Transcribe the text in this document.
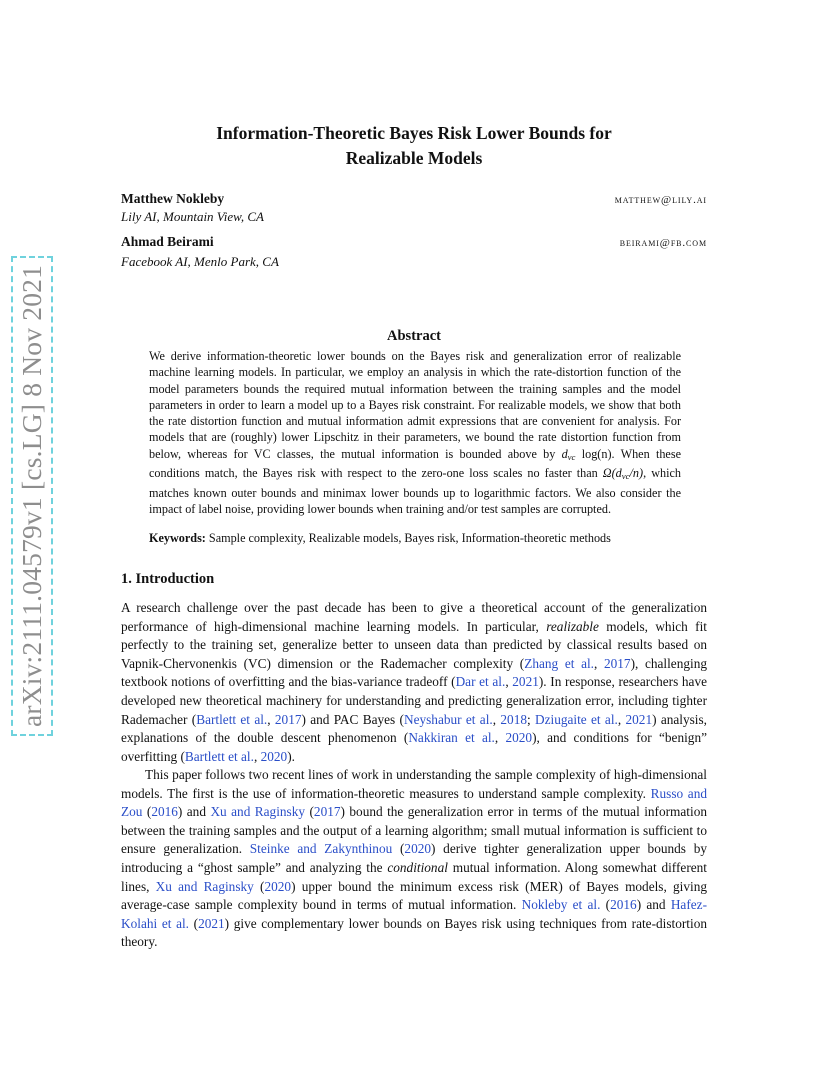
arXiv:2111.04579v1 [cs.LG] 8 Nov 2021
Information-Theoretic Bayes Risk Lower Bounds for
Realizable Models
Matthew Nokleby
Lily AI, Mountain View, CA
matthew@lily.ai
Ahmad Beirami
Facebook AI, Menlo Park, CA
beirami@fb.com
Abstract
We derive information-theoretic lower bounds on the Bayes risk and generalization error of realizable machine learning models. In particular, we employ an analysis in which the rate-distortion function of the model parameters bounds the required mutual information between the training samples and the model parameters in order to learn a model up to a Bayes risk constraint. For realizable models, we show that both the rate distortion function and mutual information admit expressions that are convenient for analysis. For models that are (roughly) lower Lipschitz in their parameters, we bound the rate distortion function from below, whereas for VC classes, the mutual information is bounded above by $d_{vc}$ log(n). When these conditions match, the Bayes risk with respect to the zero-one loss scales no faster than $\Omega(d_{vc}/n)$, which matches known outer bounds and minimax lower bounds up to logarithmic factors. We also consider the impact of label noise, providing lower bounds when training and/or test samples are corrupted.
Keywords: Sample complexity, Realizable models, Bayes risk, Information-theoretic methods
1. Introduction

A research challenge over the past decade has been to give a theoretical account of the generalization performance of high-dimensional machine learning models. In particular, realizable models, which fit perfectly to the training set, generalize better to unseen data than predicted by classical results based on Vapnik-Chervonenkis (VC) dimension or the Rademacher complexity (Zhang et al., 2017), challenging textbook notions of overfitting and the bias-variance tradeoff (Dar et al., 2021). In response, researchers have developed new theoretical machinery for understanding and predicting generalization error, including tighter Rademacher (Bartlett et al., 2017) and PAC Bayes (Neyshabur et al., 2018; Dziugaite et al., 2021) analysis, explanations of the double descent phenomenon (Nakkiran et al., 2020), and conditions for “benign” overfitting (Bartlett et al., 2020).

This paper follows two recent lines of work in understanding the sample complexity of high-dimensional models. The first is the use of information-theoretic measures to understand sample complexity. Russo and Zou (2016) and Xu and Raginsky (2017) bound the generalization error in terms of the mutual information between the training samples and the output of a learning algorithm; small mutual information is sufficient to ensure generalization. Steinke and Zakynthinou (2020) derive tighter generalization upper bounds by introducing a “ghost sample” and analyzing the conditional mutual information. Along somewhat different lines, Xu and Raginsky (2020) upper bound the minimum excess risk (MER) of Bayes models, giving average-case sample complexity bound in terms of mutual information. Nokleby et al. (2016) and Hafez-Kolahi et al. (2021) give complementary lower bounds on Bayes risk using techniques from rate-distortion theory.
